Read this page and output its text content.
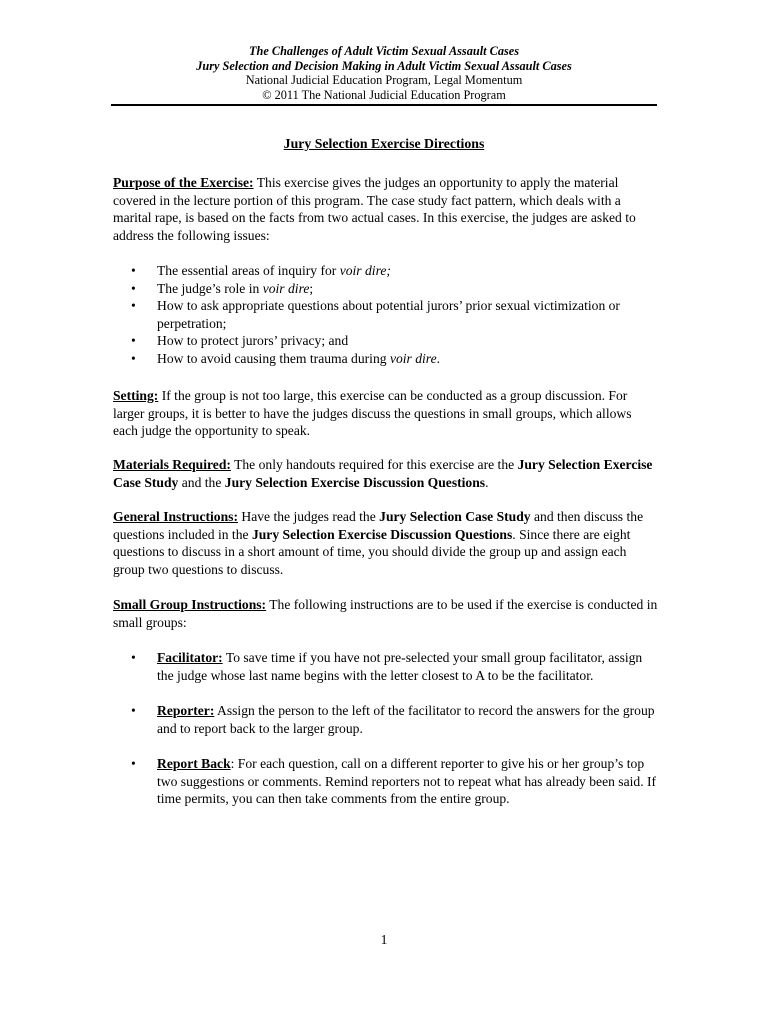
The Challenges of Adult Victim Sexual Assault Cases
Jury Selection and Decision Making in Adult Victim Sexual Assault Cases
National Judicial Education Program, Legal Momentum
© 2011 The National Judicial Education Program
Jury Selection Exercise Directions
Purpose of the Exercise: This exercise gives the judges an opportunity to apply the material covered in the lecture portion of this program. The case study fact pattern, which deals with a marital rape, is based on the facts from two actual cases. In this exercise, the judges are asked to address the following issues:
• The essential areas of inquiry for voir dire;
• The judge’s role in voir dire;
• How to ask appropriate questions about potential jurors’ prior sexual victimization or perpetration;
• How to protect jurors’ privacy; and
• How to avoid causing them trauma during voir dire.
Setting: If the group is not too large, this exercise can be conducted as a group discussion. For larger groups, it is better to have the judges discuss the questions in small groups, which allows each judge the opportunity to speak.
Materials Required: The only handouts required for this exercise are the Jury Selection Exercise Case Study and the Jury Selection Exercise Discussion Questions.
General Instructions: Have the judges read the Jury Selection Case Study and then discuss the questions included in the Jury Selection Exercise Discussion Questions. Since there are eight questions to discuss in a short amount of time, you should divide the group up and assign each group two questions to discuss.
Small Group Instructions: The following instructions are to be used if the exercise is conducted in small groups:
• Facilitator: To save time if you have not pre-selected your small group facilitator, assign the judge whose last name begins with the letter closest to A to be the facilitator.
• Reporter: Assign the person to the left of the facilitator to record the answers for the group and to report back to the larger group.
• Report Back: For each question, call on a different reporter to give his or her group’s top two suggestions or comments. Remind reporters not to repeat what has already been said. If time permits, you can then take comments from the entire group.
1
